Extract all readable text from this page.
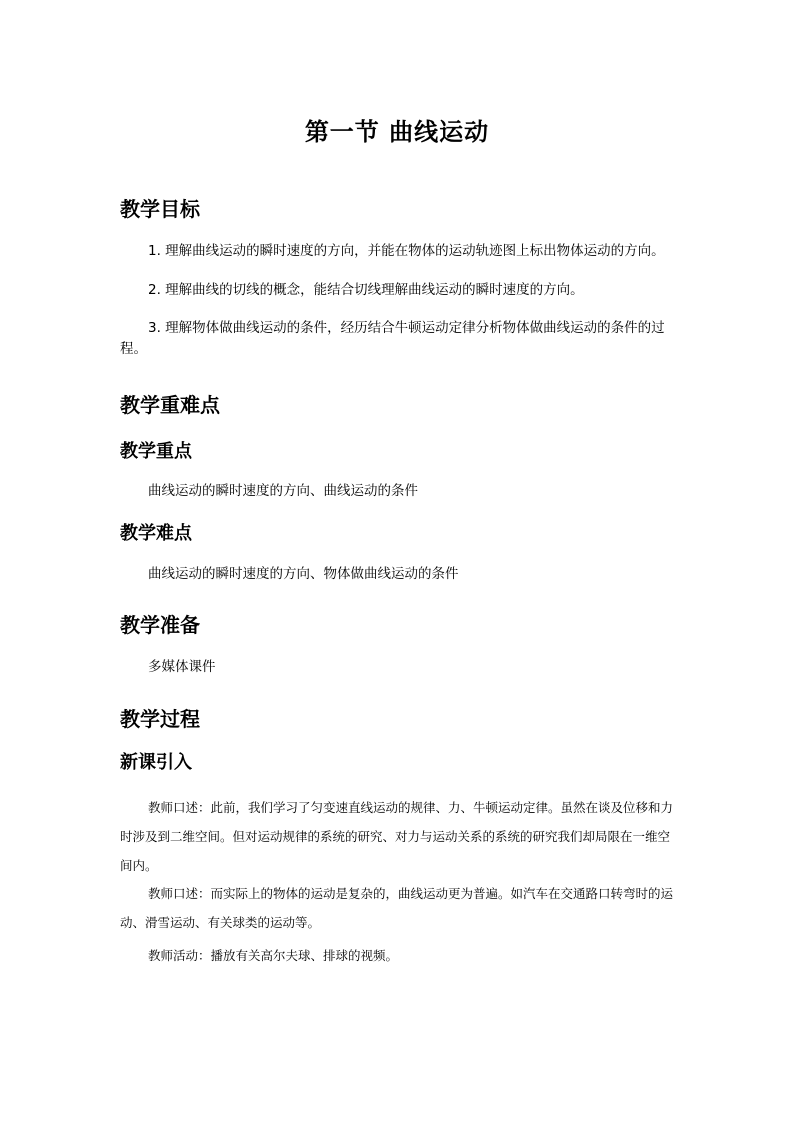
第一节 曲线运动
教学目标
1. 理解曲线运动的瞬时速度的方向，并能在物体的运动轨迹图上标出物体运动的方向。
2. 理解曲线的切线的概念，能结合切线理解曲线运动的瞬时速度的方向。
3. 理解物体做曲线运动的条件，经历结合牛顿运动定律分析物体做曲线运动的条件的过程。
教学重难点
教学重点
曲线运动的瞬时速度的方向、曲线运动的条件
教学难点
曲线运动的瞬时速度的方向、物体做曲线运动的条件
教学准备
多媒体课件
教学过程
新课引入
教师口述：此前，我们学习了匀变速直线运动的规律、力、牛顿运动定律。虽然在谈及位移和力时涉及到二维空间。但对运动规律的系统的研究、对力与运动关系的系统的研究我们却局限在一维空间内。
教师口述：而实际上的物体的运动是复杂的，曲线运动更为普遍。如汽车在交通路口转弯时的运动、滑雪运动、有关球类的运动等。
教师活动：播放有关高尔夫球、排球的视频。
